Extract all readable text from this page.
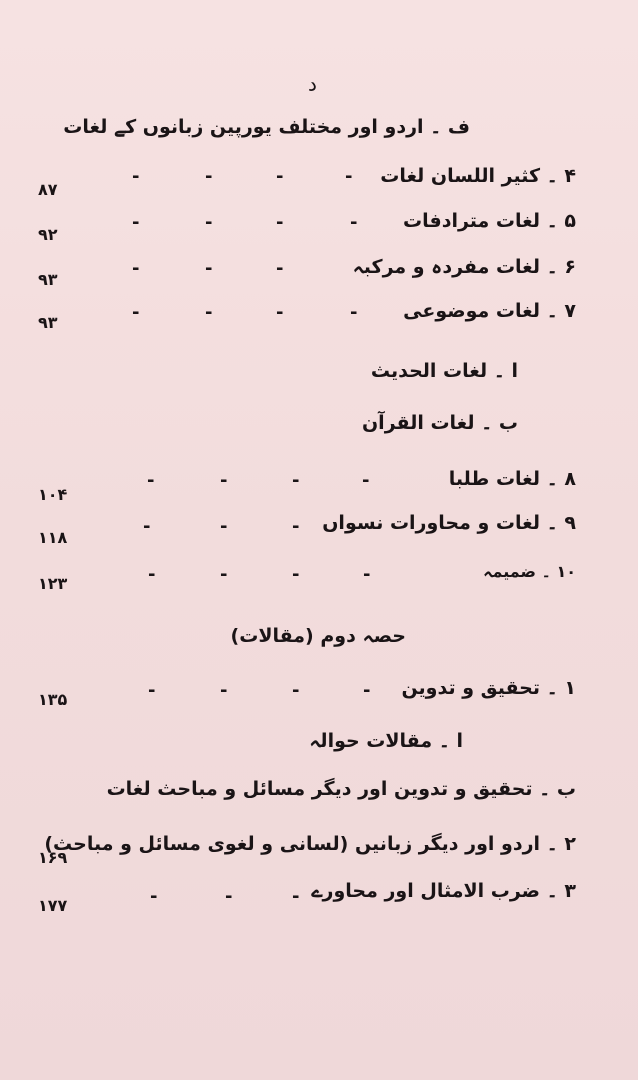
د
ف ۔ اردو اور مختلف یورپین زبانوں کے لغات
۴ ۔ کثیر اللسان لغات
-
-
-
-
۸۷
۵ ۔ لغات مترادفات
-
-
-
-
۹۲
۶ ۔ لغات مفردہ و مرکبہ
-
-
-
۹۳
۷ ۔ لغات موضوعی
-
-
-
-
۹۳
ا ۔ لغات الحدیث
ب ۔ لغات القرآن
۸ ۔ لغات طلبا
-
-
-
-
۱۰۴
۹ ۔ لغات و محاورات نسواں
-
-
-
۱۱۸
۱۰ ۔ ضمیمہ
-
-
-
-
۱۲۳
حصہ دوم (مقالات)
۱ ۔ تحقیق و تدوین
-
-
-
-
۱۳۵
ا ۔ مقالات حوالہ
ب ۔ تحقیق و تدوین اور دیگر مسائل و مباحث لغات
۲ ۔ اردو اور دیگر زبانیں (لسانی و لغوی مسائل و مباحث)
۱۶۹
۳ ۔ ضرب الامثال اور محاورے
-
-
-
۱۷۷
